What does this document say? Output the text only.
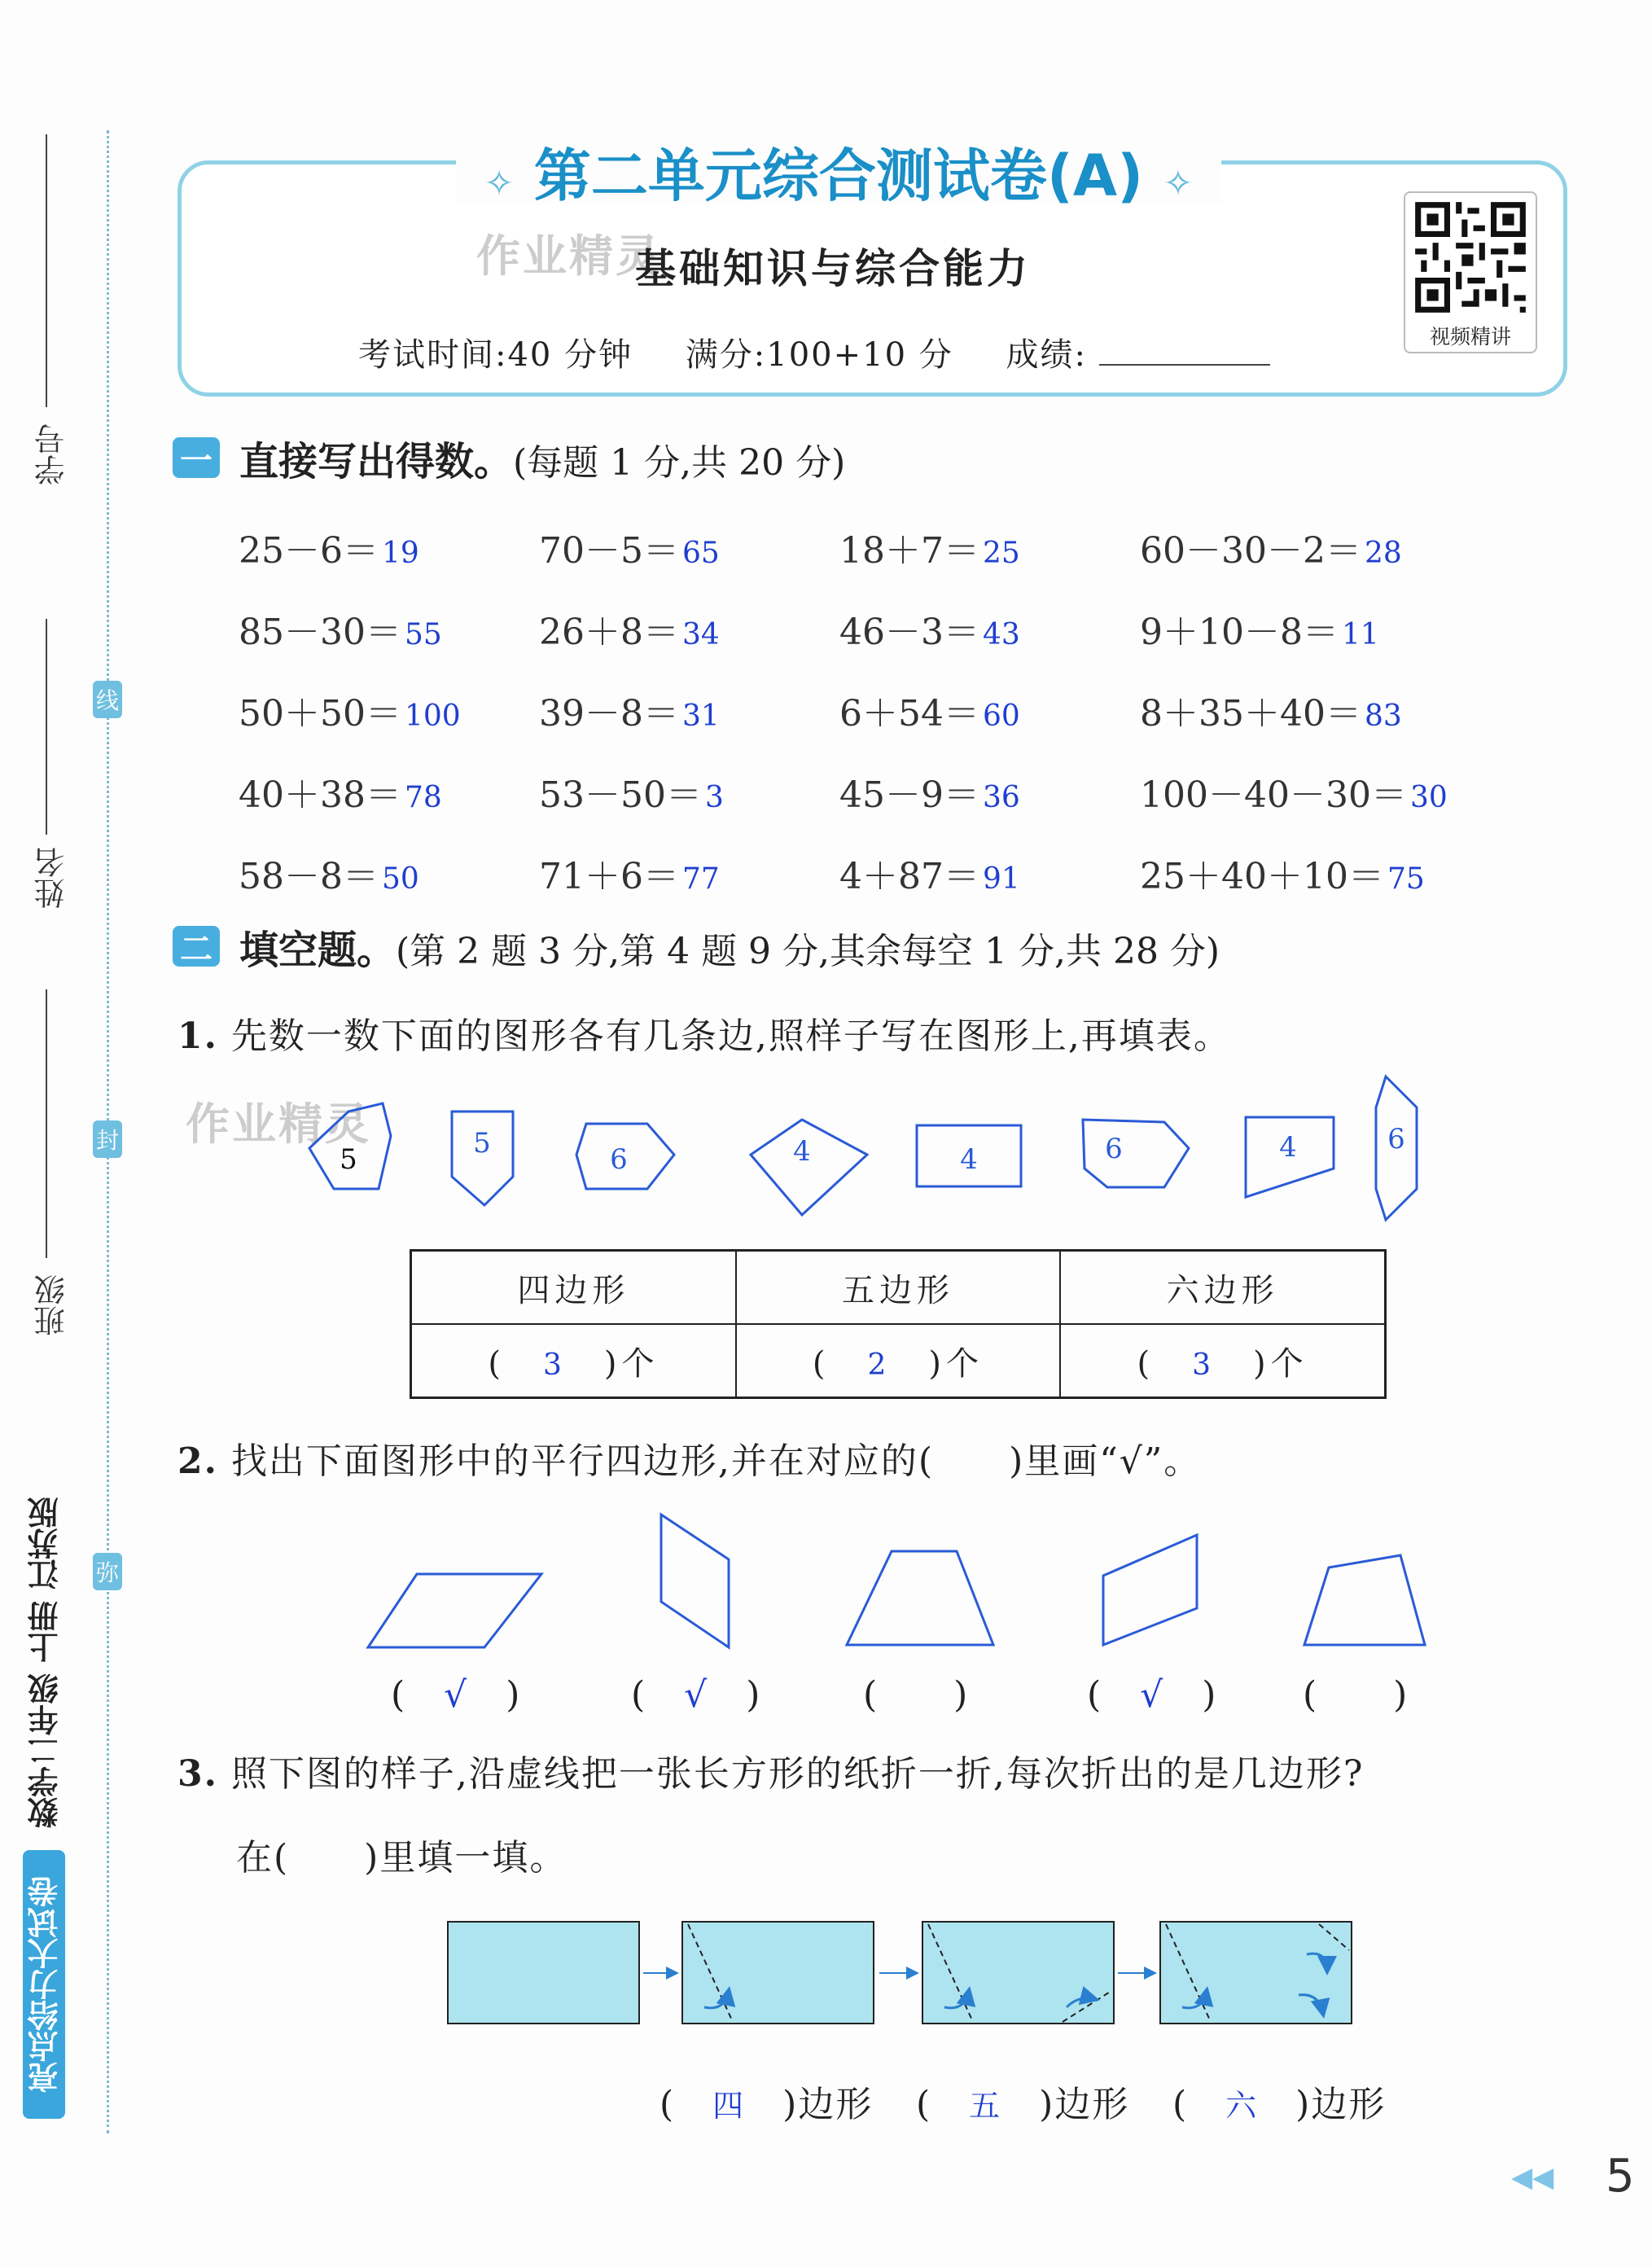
学号
姓名
班级
线
封
弥
数学二年级 上册 江苏版
亮点给力大试卷
✧ 第二单元综合测试卷(A) ✧
作业精灵
基础知识与综合能力
考试时间:40 分钟 满分:100+10 分 成绩:	视频精讲
一 直接写出得数。(每题 1 分,共 20 分)
25－6＝ 19	70－5＝ 65	18＋7＝ 25	60－30－2＝ 28
85－30＝ 55	26＋8＝ 34	46－3＝ 43	9＋10－8＝ 11
50＋50＝ 100 39－8＝ 31	6＋54＝ 60	8＋35＋40＝ 83
40＋38＝ 78	53－50＝ 3	45－9＝ 36	100－40－30＝ 30
58－8＝ 50	71＋6＝ 77	4＋87＝ 91	25＋40＋10＝ 75
二 填空题。(第 2 题 3 分,第 4 题 9 分,其余每空 1 分,共 28 分)
1. 先数一数下面的图形各有几条边,照样子写在图形上,再填表。
作业精灵
5	5	6	4	4	6	4	6
四边形	五边形	六边形
(　3　)个	(　2　)个	(　3　)个
2. 找出下面图形中的平行四边形,并在对应的(　　)里画“√”。
(　√　)	(　√　)	(　　)	(　√　) (　　)
3. 照下图的样子,沿虚线把一张长方形的纸折一折,每次折出的是几边形?
在(　　)里填一填。
(　四　)边形 (　五　)边形 (　六　)边形
◀◀ 5
